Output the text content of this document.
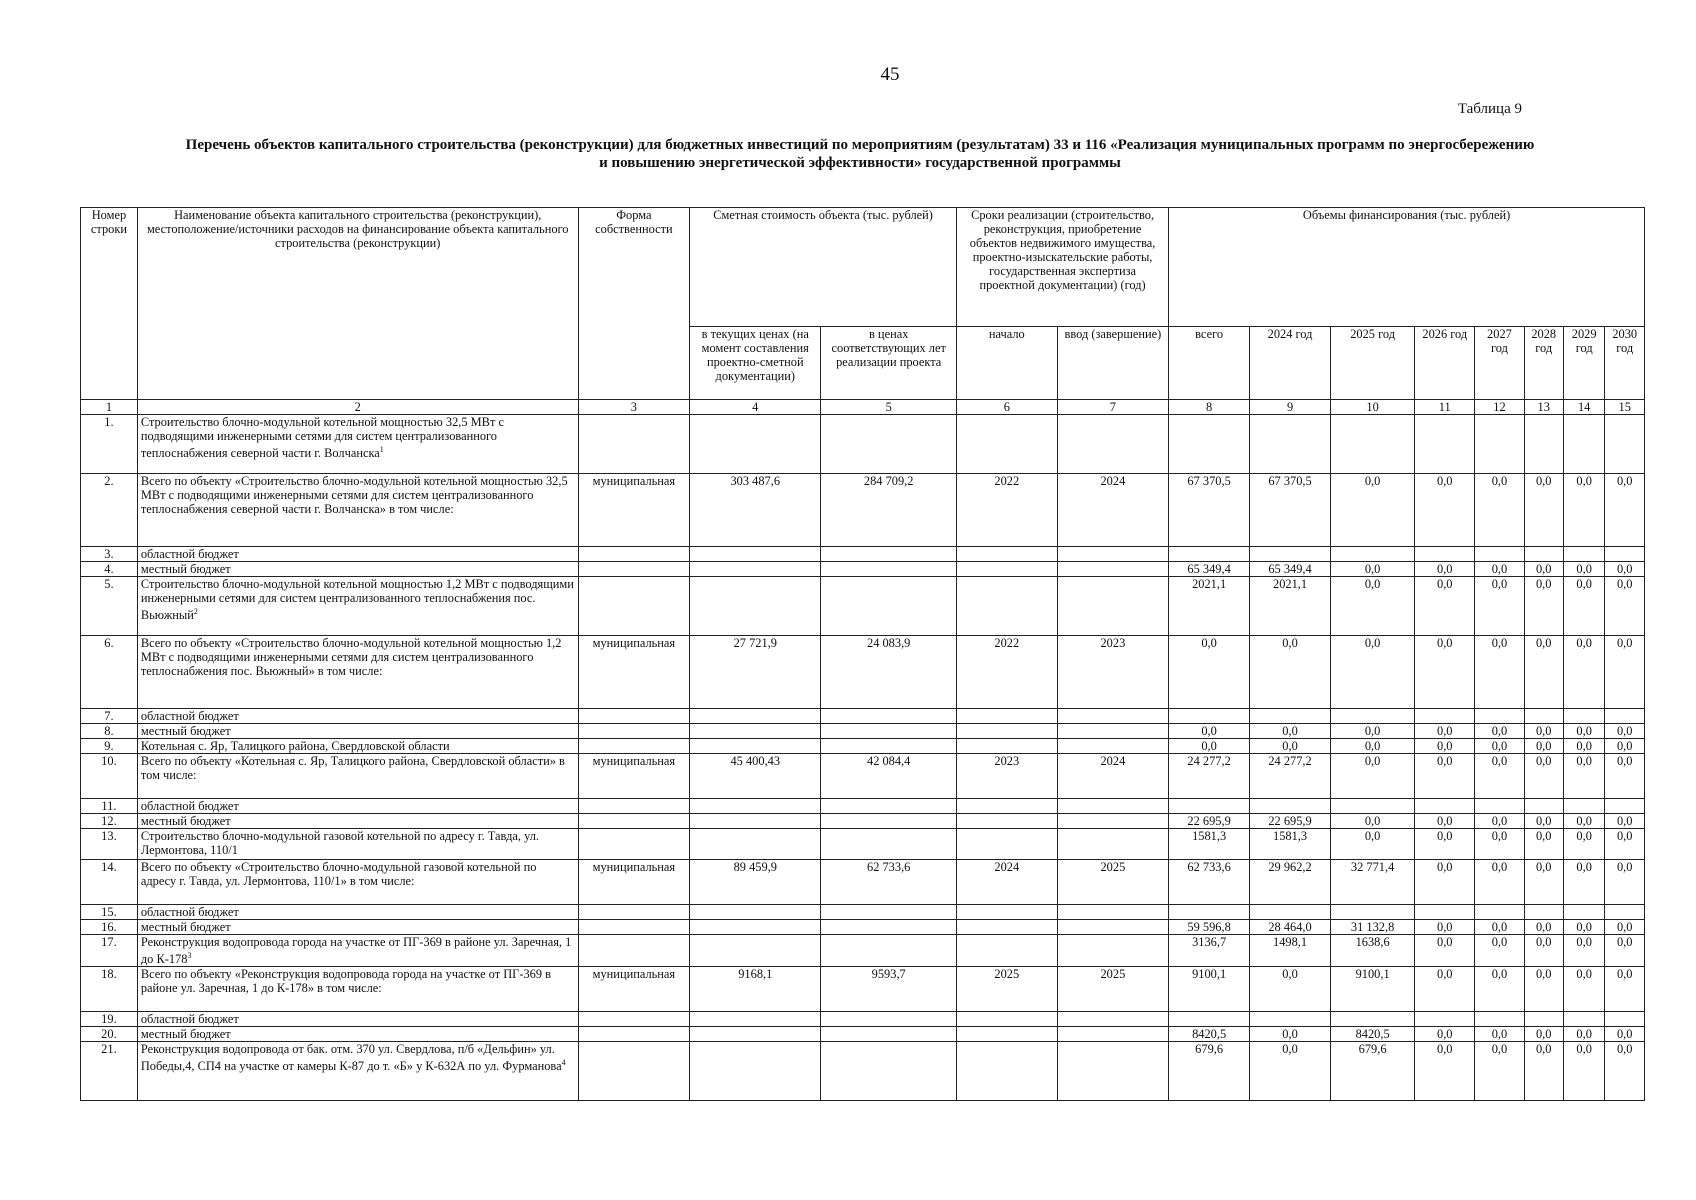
45
Таблица 9
Перечень объектов капитального строительства (реконструкции) для бюджетных инвестиций по мероприятиям (результатам) 33 и 116 «Реализация муниципальных программ по энергосбережению
и повышению энергетической эффективности» государственной программы
Номер строки	Наименование объекта капитального строительства (реконструкции), местоположение/источники расходов на финансирование объекта капитального строительства (реконструкции)	Форма собственности	Сметная стоимость объекта (тыс. рублей)		Сроки реализации (строительство, реконструкция, приобретение объектов недвижимого имущества, проектно-изыскательские работы, государственная экспертиза проектной документации) (год)		Объемы финансирования (тыс. рублей)							
			в текущих ценах (на момент составления проектно-сметной документации)	в ценах соответствующих лет реализации проекта	начало	ввод (завершение)	всего	2024 год	2025 год	2026 год	2027 год	2028 год	2029 год	2030 год
1	2	3	4	5	6	7	8	9	10	11	12	13	14	15
1.	Строительство блочно-модульной котельной мощностью 32,5 МВт с подводящими инженерными сетями для систем централизованного теплоснабжения северной части г. Волчанска$^1$													
2.	Всего по объекту «Строительство блочно-модульной котельной мощностью 32,5 МВт с подводящими инженерными сетями для систем централизованного теплоснабжения северной части г. Волчанска» в том числе:	муниципальная	303 487,6	284 709,2	2022	2024	67 370,5	67 370,5	0,0	0,0	0,0	0,0	0,0	0,0
3.	областной бюджет													
4.	местный бюджет						65 349,4	65 349,4	0,0	0,0	0,0	0,0	0,0	0,0
5.	Строительство блочно-модульной котельной мощностью 1,2 МВт с подводящими инженерными сетями для систем централизованного теплоснабжения пос. Вьюжный$^2$						2021,1	2021,1	0,0	0,0	0,0	0,0	0,0	0,0
6.	Всего по объекту «Строительство блочно-модульной котельной мощностью 1,2 МВт с подводящими инженерными сетями для систем централизованного теплоснабжения пос. Вьюжный» в том числе:	муниципальная	27 721,9	24 083,9	2022	2023	0,0	0,0	0,0	0,0	0,0	0,0	0,0	0,0
7.	областной бюджет													
8.	местный бюджет						0,0	0,0	0,0	0,0	0,0	0,0	0,0	0,0
9.	Котельная с. Яр, Талицкого района, Свердловской области						0,0	0,0	0,0	0,0	0,0	0,0	0,0	0,0
10.	Всего по объекту «Котельная с. Яр, Талицкого района, Свердловской области» в том числе:	муниципальная	45 400,43	42 084,4	2023	2024	24 277,2	24 277,2	0,0	0,0	0,0	0,0	0,0	0,0
11.	областной бюджет													
12.	местный бюджет						22 695,9	22 695,9	0,0	0,0	0,0	0,0	0,0	0,0
13.	Строительство блочно-модульной газовой котельной по адресу г. Тавда, ул. Лермонтова, 110/1						1581,3	1581,3	0,0	0,0	0,0	0,0	0,0	0,0
14.	Всего по объекту «Строительство блочно-модульной газовой котельной по адресу г. Тавда, ул. Лермонтова, 110/1» в том числе:	муниципальная	89 459,9	62 733,6	2024	2025	62 733,6	29 962,2	32 771,4	0,0	0,0	0,0	0,0	0,0
15.	областной бюджет													
16.	местный бюджет						59 596,8	28 464,0	31 132,8	0,0	0,0	0,0	0,0	0,0
17.	Реконструкция водопровода города на участке от ПГ-369 в районе ул. Заречная, 1 до $К-178^3$						3136,7	1498,1	1638,6	0,0	0,0	0,0	0,0	0,0
18.	Всего по объекту «Реконструкция водопровода города на участке от ПГ-369 в районе ул. Заречная, 1 до К-178» в том числе:	муниципальная	9168,1	9593,7	2025	2025	9100,1	0,0	9100,1	0,0	0,0	0,0	0,0	0,0
19.	областной бюджет													
20.	местный бюджет						8420,5	0,0	8420,5	0,0	0,0	0,0	0,0	0,0
21.	Реконструкция водопровода от бак. отм. 370 ул. Свердлова, п/б «Дельфин» ул. Победы,4, СП4 на участке от камеры К-87 до т. «Б» у К-632А по ул. Фурманова$^4$						679,6	0,0	679,6	0,0	0,0	0,0	0,0	0,0
